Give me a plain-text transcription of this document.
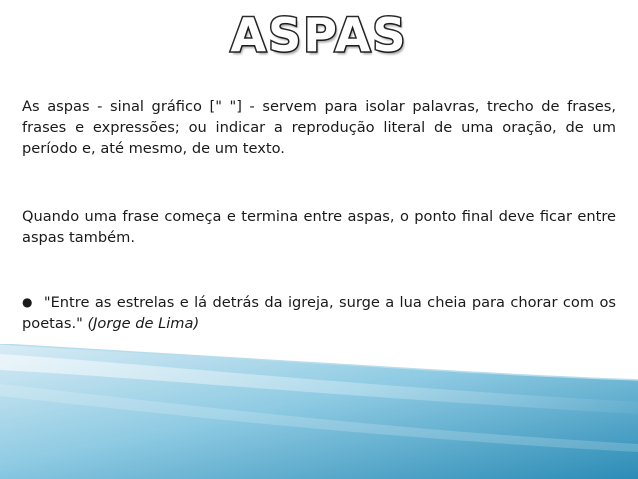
ASPAS

As aspas - sinal gráfico [" "] - servem para isolar palavras, trecho de frases, frases e expressões; ou indicar a reprodução literal de uma oração, de um período e, até mesmo, de um texto.

Quando uma frase começa e termina entre aspas, o ponto final deve ficar entre aspas também.

● "Entre as estrelas e lá detrás da igreja, surge a lua cheia para chorar com os poetas." (Jorge de Lima)
